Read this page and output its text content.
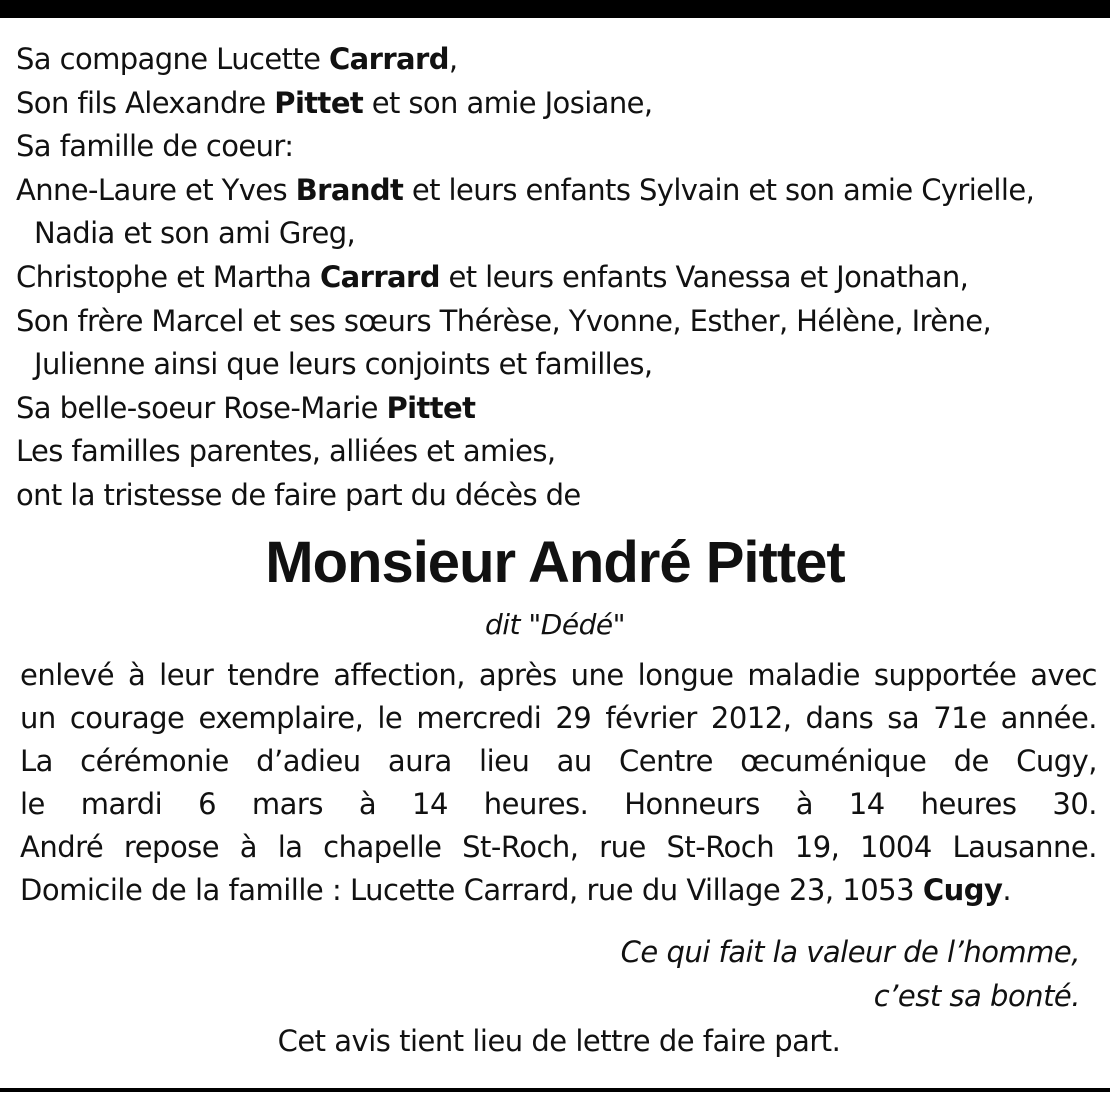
Sa compagne Lucette Carrard,
Son fils Alexandre Pittet et son amie Josiane,
Sa famille de coeur:
Anne-Laure et Yves Brandt et leurs enfants Sylvain et son amie Cyrielle,
Nadia et son ami Greg,
Christophe et Martha Carrard et leurs enfants Vanessa et Jonathan,
Son frère Marcel et ses sœurs Thérèse, Yvonne, Esther, Hélène, Irène,
Julienne ainsi que leurs conjoints et familles,
Sa belle-soeur Rose-Marie Pittet
Les familles parentes, alliées et amies,
ont la tristesse de faire part du décès de
Monsieur André Pittet
dit "Dédé"
enlevé à leur tendre affection, après une longue maladie supportée avec
un courage exemplaire, le mercredi 29 février 2012, dans sa 71e année.
La cérémonie d’adieu aura lieu au Centre œcuménique de Cugy,
le mardi 6 mars à 14 heures. Honneurs à 14 heures 30.
André repose à la chapelle St-Roch, rue St-Roch 19, 1004 Lausanne.
Domicile de la famille : Lucette Carrard, rue du Village 23, 1053 Cugy.
Ce qui fait la valeur de l’homme,
c’est sa bonté.
Cet avis tient lieu de lettre de faire part.
